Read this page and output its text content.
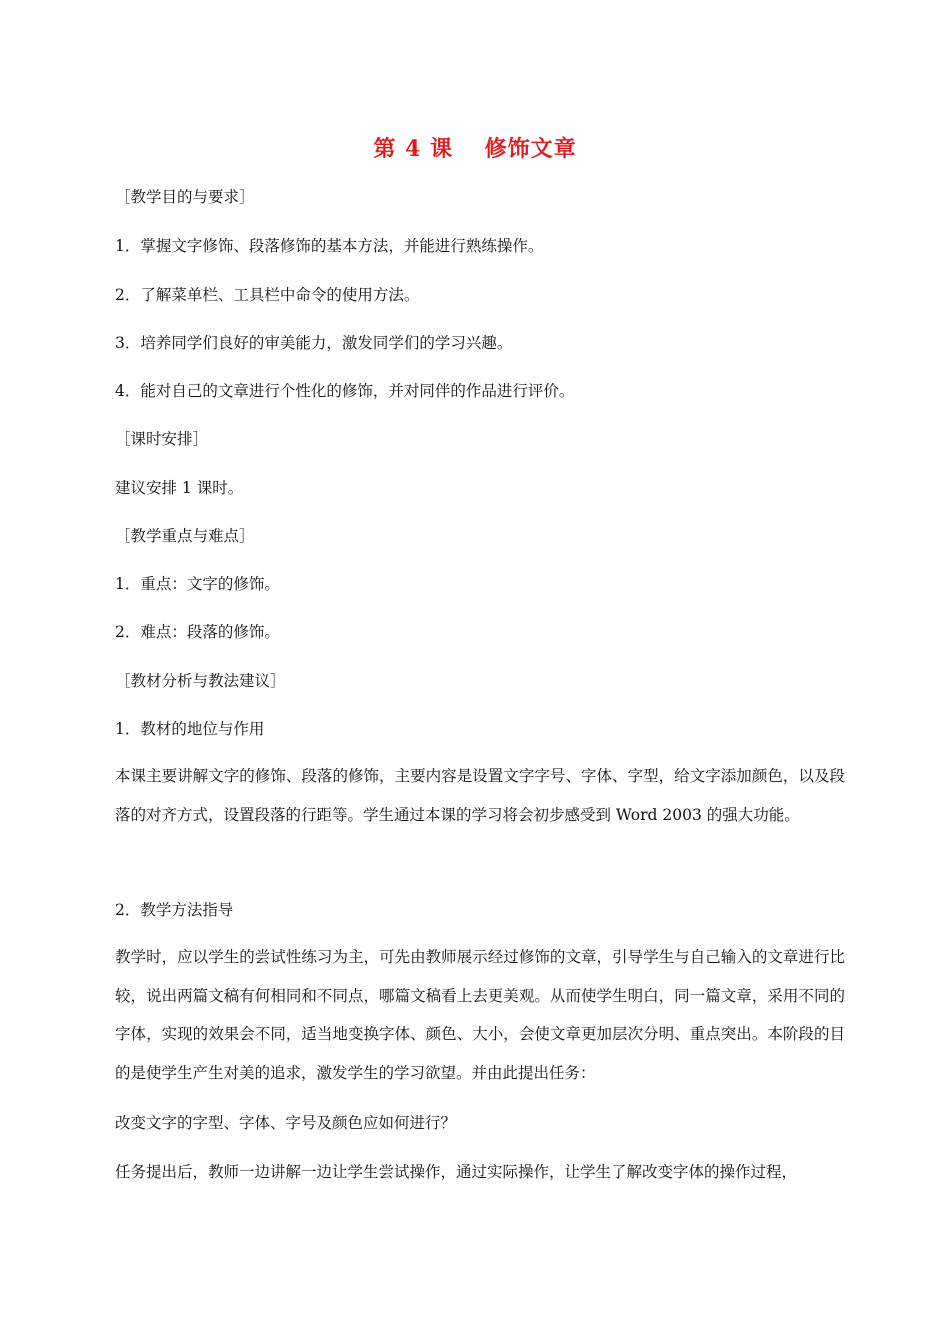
第 4 课　 修饰文章
［教学目的与要求］
1．掌握文字修饰、段落修饰的基本方法，并能进行熟练操作。
2．了解菜单栏、工具栏中命令的使用方法。
3．培养同学们良好的审美能力，激发同学们的学习兴趣。
4．能对自己的文章进行个性化的修饰，并对同伴的作品进行评价。
［课时安排］
建议安排 1 课时。
［教学重点与难点］
1．重点：文字的修饰。
2．难点：段落的修饰。
［教材分析与教法建议］
1．教材的地位与作用
本课主要讲解文字的修饰、段落的修饰，主要内容是设置文字字号、字体、字型，给文字添加颜色，以及段落的对齐方式，设置段落的行距等。学生通过本课的学习将会初步感受到 Word 2003 的强大功能。
2．教学方法指导
教学时，应以学生的尝试性练习为主，可先由教师展示经过修饰的文章，引导学生与自己输入的文章进行比较，说出两篇文稿有何相同和不同点，哪篇文稿看上去更美观。从而使学生明白，同一篇文章，采用不同的字体，实现的效果会不同，适当地变换字体、颜色、大小，会使文章更加层次分明、重点突出。本阶段的目的是使学生产生对美的追求，激发学生的学习欲望。并由此提出任务：
改变文字的字型、字体、字号及颜色应如何进行？
任务提出后，教师一边讲解一边让学生尝试操作，通过实际操作，让学生了解改变字体的操作过程，
